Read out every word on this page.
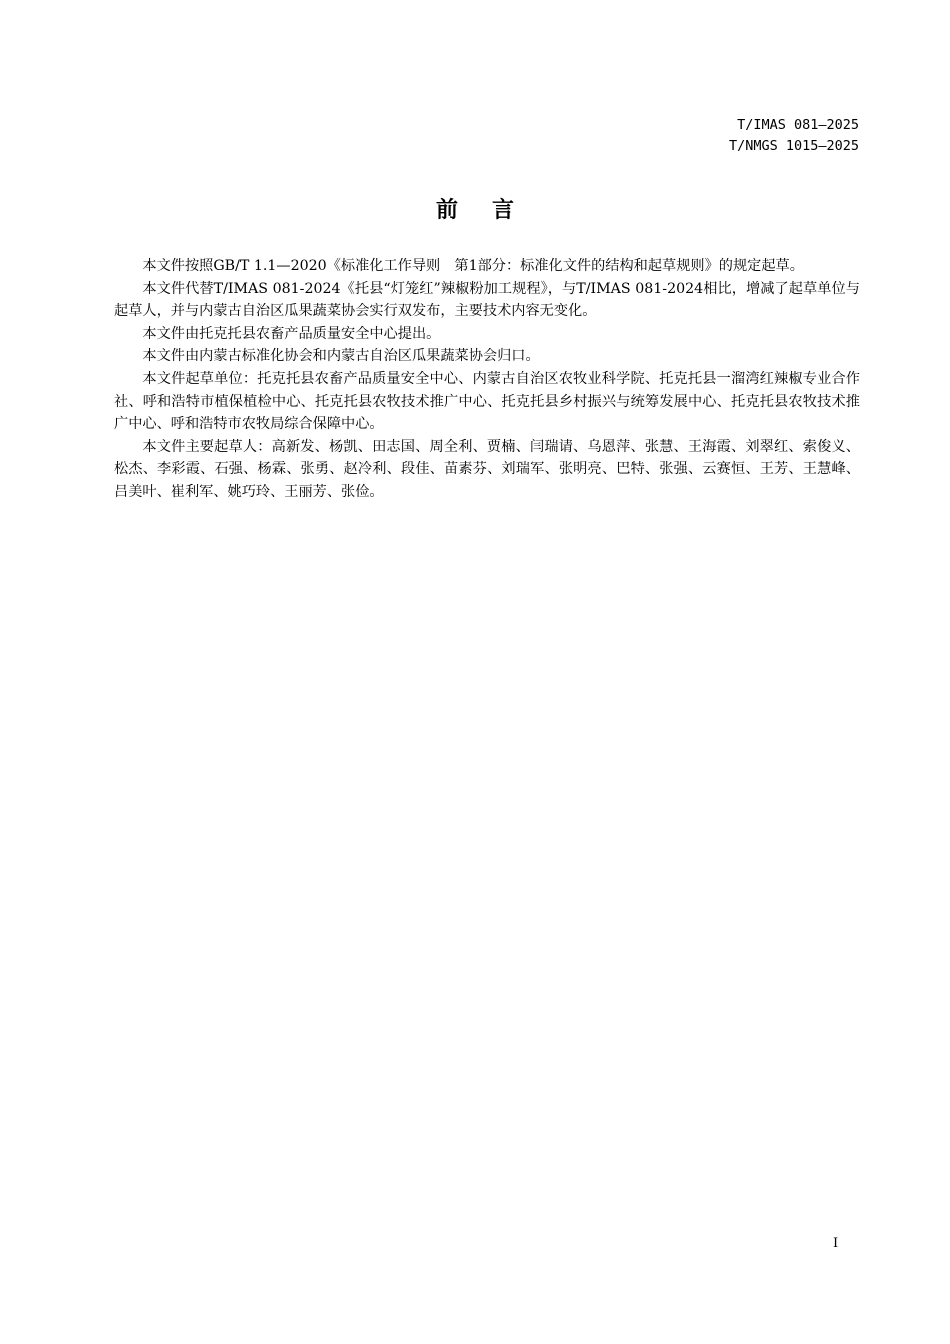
T/IMAS 081—2025
T/NMGS 1015—2025
前言

本文件按照GB/T 1.1—2020《标准化工作导则　第1部分：标准化文件的结构和起草规则》的规定起草。

本文件代替T/IMAS 081-2024《托县“灯笼红”辣椒粉加工规程》，与T/IMAS 081-2024相比，增减了起草单位与起草人，并与内蒙古自治区瓜果蔬菜协会实行双发布，主要技术内容无变化。

本文件由托克托县农畜产品质量安全中心提出。

本文件由内蒙古标准化协会和内蒙古自治区瓜果蔬菜协会归口。

本文件起草单位：托克托县农畜产品质量安全中心、内蒙古自治区农牧业科学院、托克托县一溜湾红辣椒专业合作社、呼和浩特市植保植检中心、托克托县农牧技术推广中心、托克托县乡村振兴与统筹发展中心、托克托县农牧技术推广中心、呼和浩特市农牧局综合保障中心。

本文件主要起草人：高新发、杨凯、田志国、周全利、贾楠、闫瑞请、乌恩萍、张慧、王海霞、刘翠红、索俊义、松杰、李彩霞、石强、杨霖、张勇、赵冷利、段佳、苗素芬、刘瑞军、张明亮、巴特、张强、云赛恒、王芳、王慧峰、吕美叶、崔利军、姚巧玲、王丽芳、张俭。

I
